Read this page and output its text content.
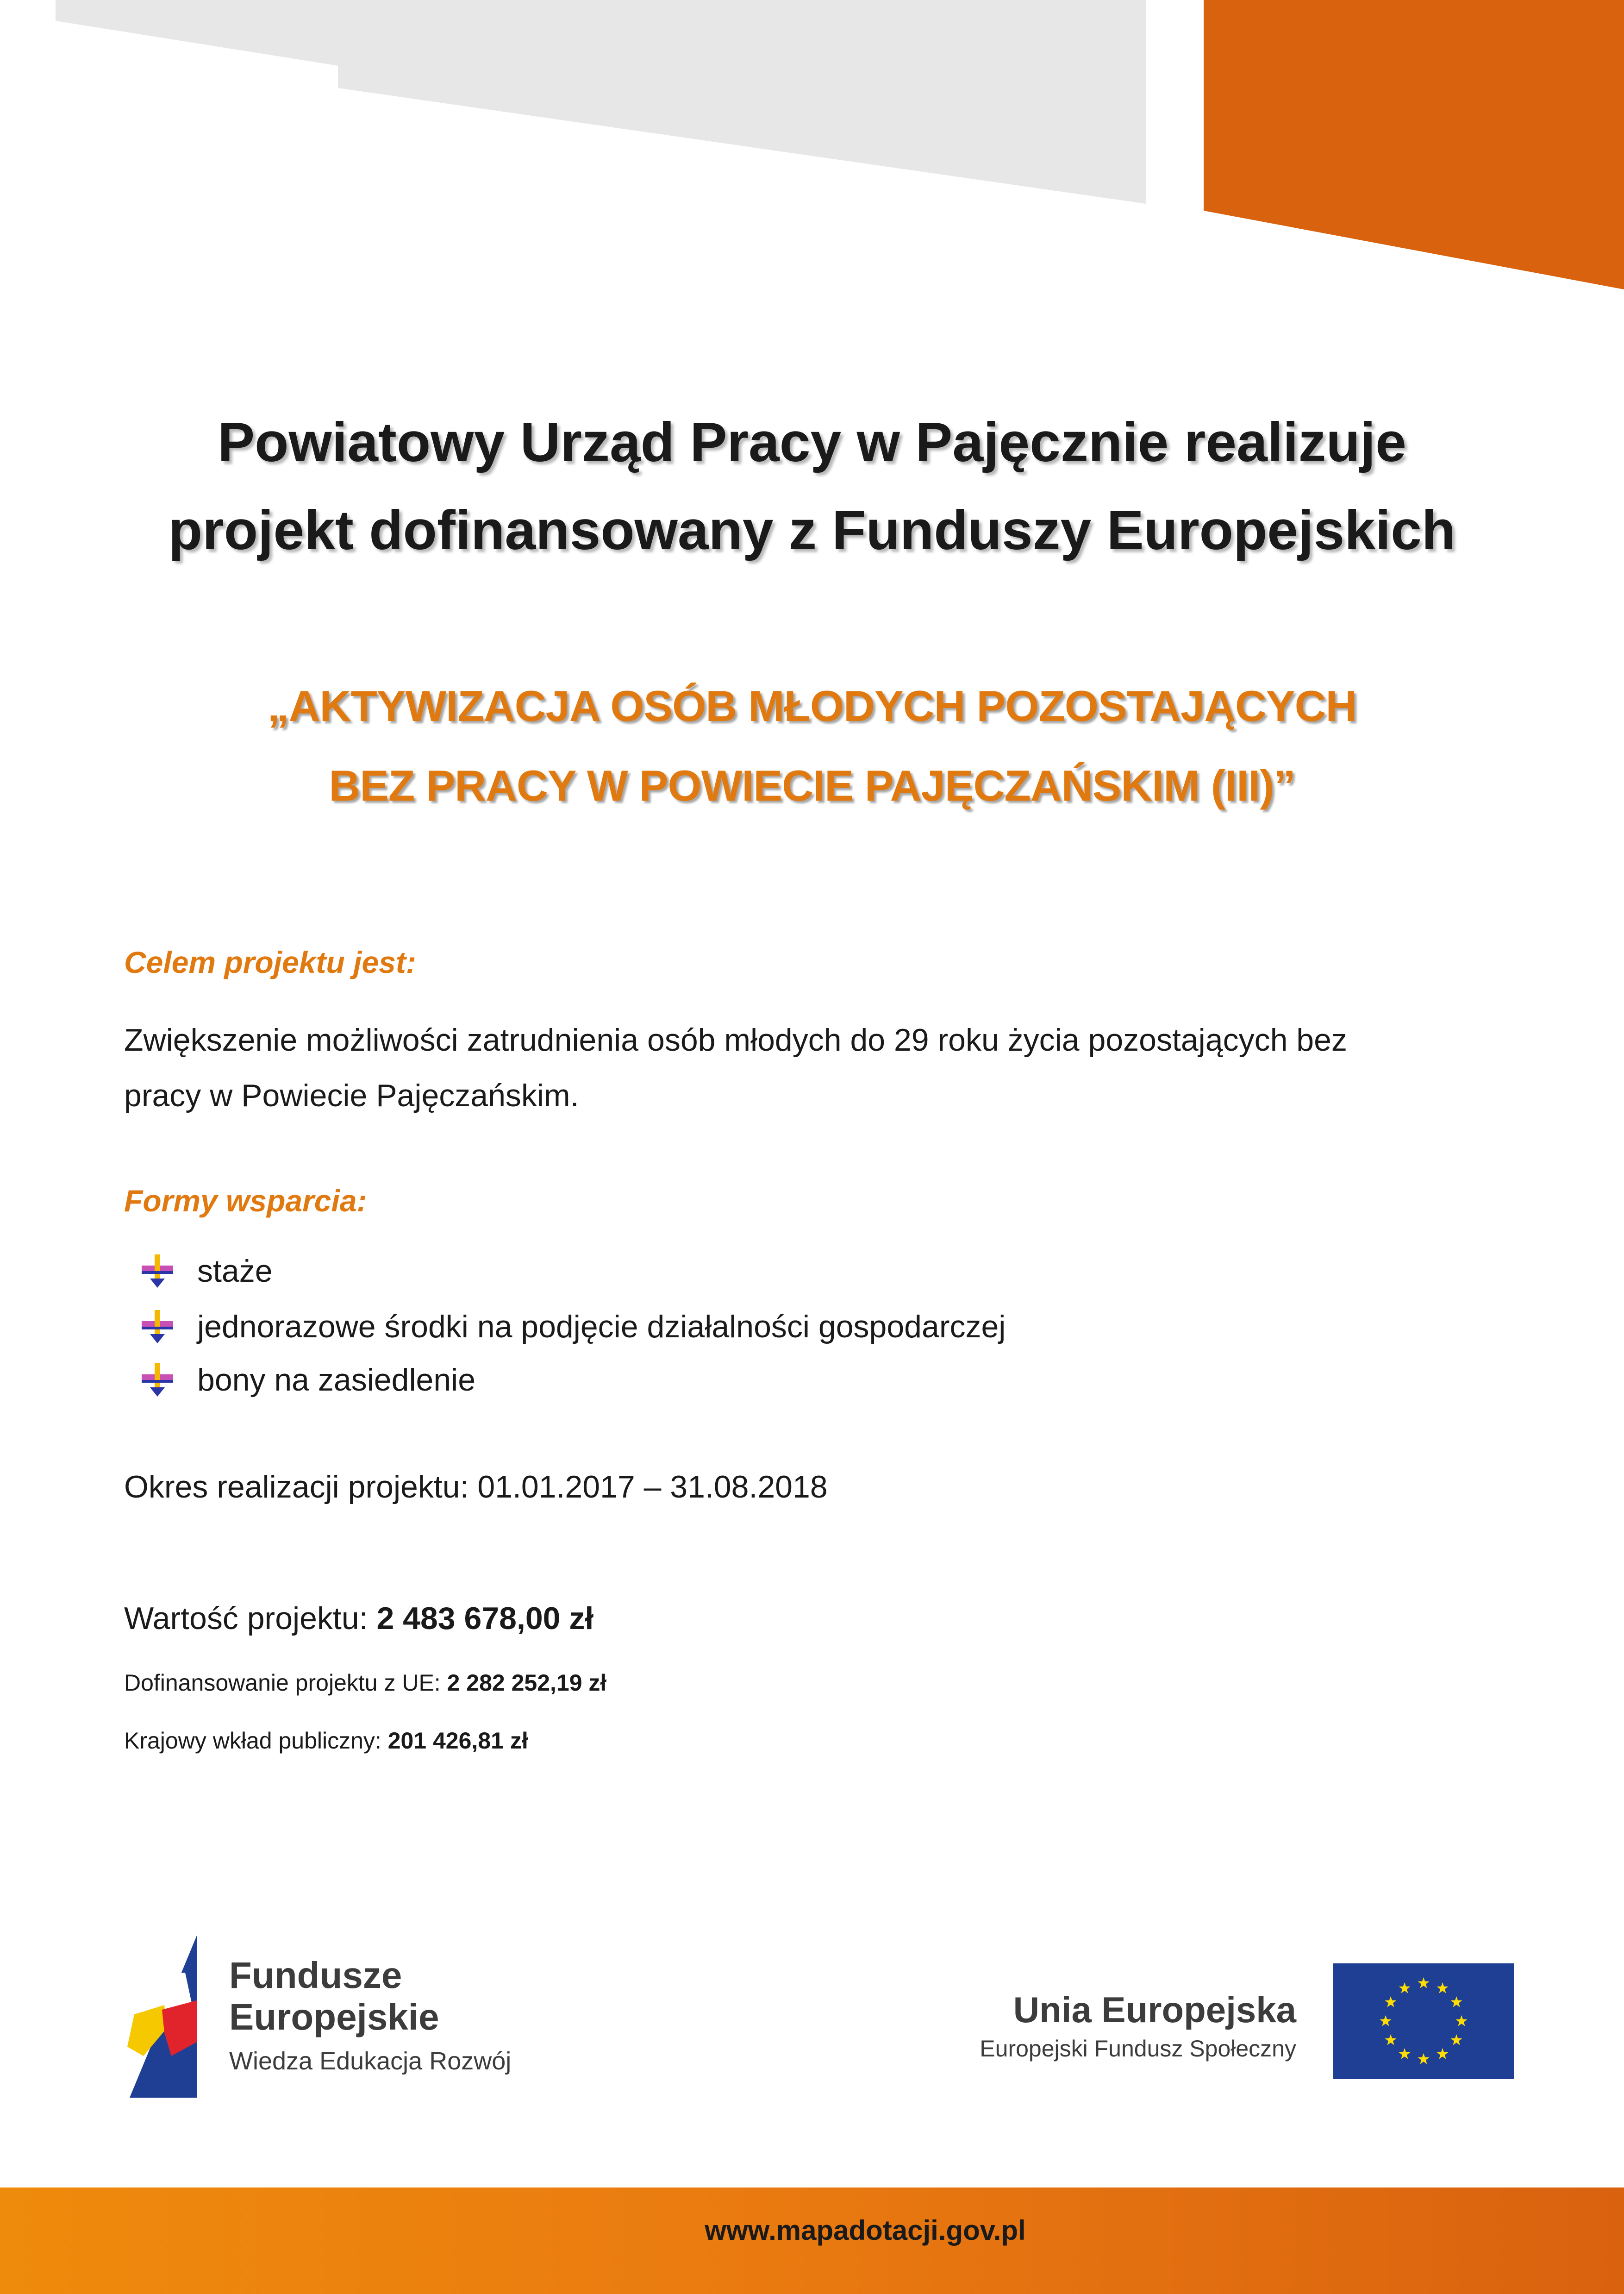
Powiatowy Urząd Pracy w Pajęcznie realizuje
projekt dofinansowany z Funduszy Europejskich
„AKTYWIZACJA OSÓB MŁODYCH POZOSTAJĄCYCH
BEZ PRACY W POWIECIE PAJĘCZAŃSKIM (III)”
Celem projektu jest:
Zwiększenie możliwości zatrudnienia osób młodych do 29 roku życia pozostających bez
pracy w Powiecie Pajęczańskim.
Formy wsparcia:
staże
jednorazowe środki na podjęcie działalności gospodarczej
bony na zasiedlenie
Okres realizacji projektu: 01.01.2017 – 31.08.2018
Wartość projektu: 2 483 678,00 zł
Dofinansowanie projektu z UE: 2 282 252,19 zł
Krajowy wkład publiczny: 201 426,81 zł
Fundusze
Europejskie
Wiedza Edukacja Rozwój
Unia Europejska
Europejski Fundusz Społeczny
www.mapadotacji.gov.pl
